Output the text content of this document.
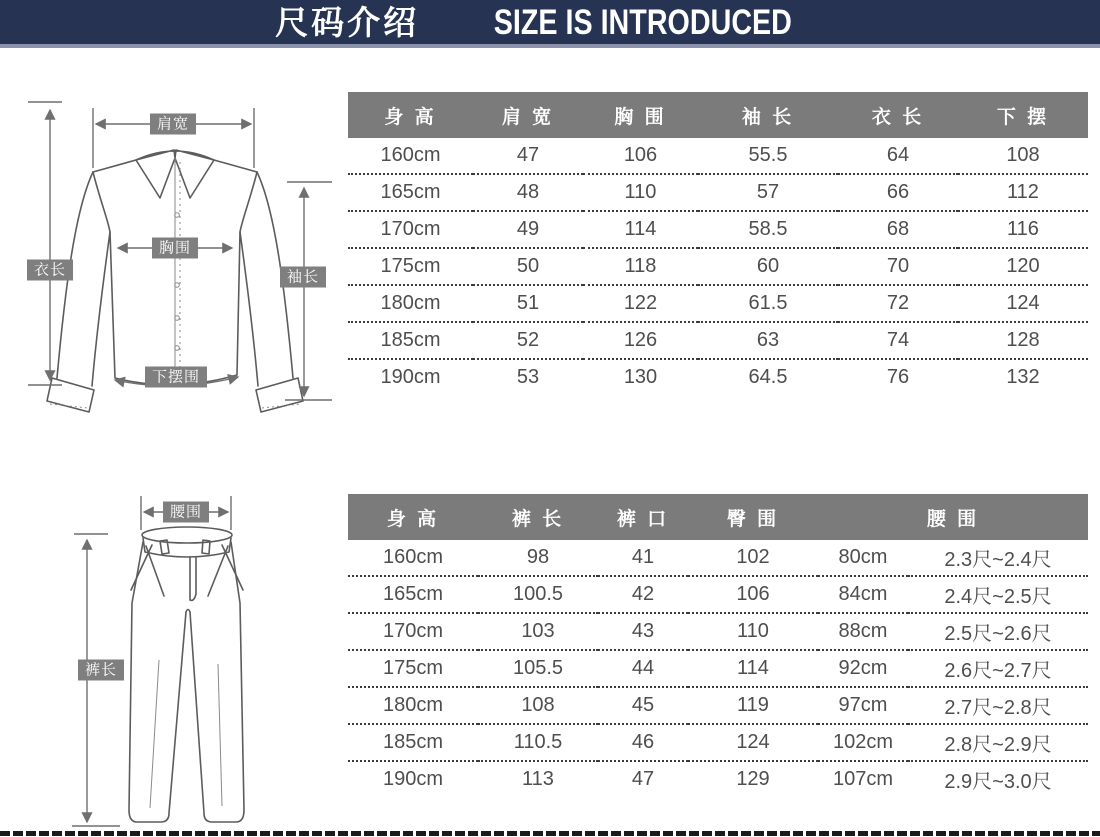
尺码介绍 SIZE IS INTRODUCED
肩宽
胸围
衣长	袖长
下摆围
腰围
裤长
身 高	肩 宽	胸 围	袖 长	衣 长	下 摆
160cm	47	106	55.5	64	108
165cm	48	110	57	66	112
170cm	49	114	58.5	68	116
175cm	50	118	60	70	120
180cm	51	122	61.5	72	124
185cm	52	126	63	74	128
190cm	53	130	64.5	76	132
身 高	裤 长	裤 口	臀 围	腰 围	
160cm	98	41	102	80cm	2.3尺~2.4尺
165cm	100.5	42	106	84cm	2.4尺~2.5尺
170cm	103	43	110	88cm	2.5尺~2.6尺
175cm	105.5	44	114	92cm	2.6尺~2.7尺
180cm	108	45	119	97cm	2.7尺~2.8尺
185cm	110.5	46	124	102cm	2.8尺~2.9尺
190cm	113	47	129	107cm	2.9尺~3.0尺
